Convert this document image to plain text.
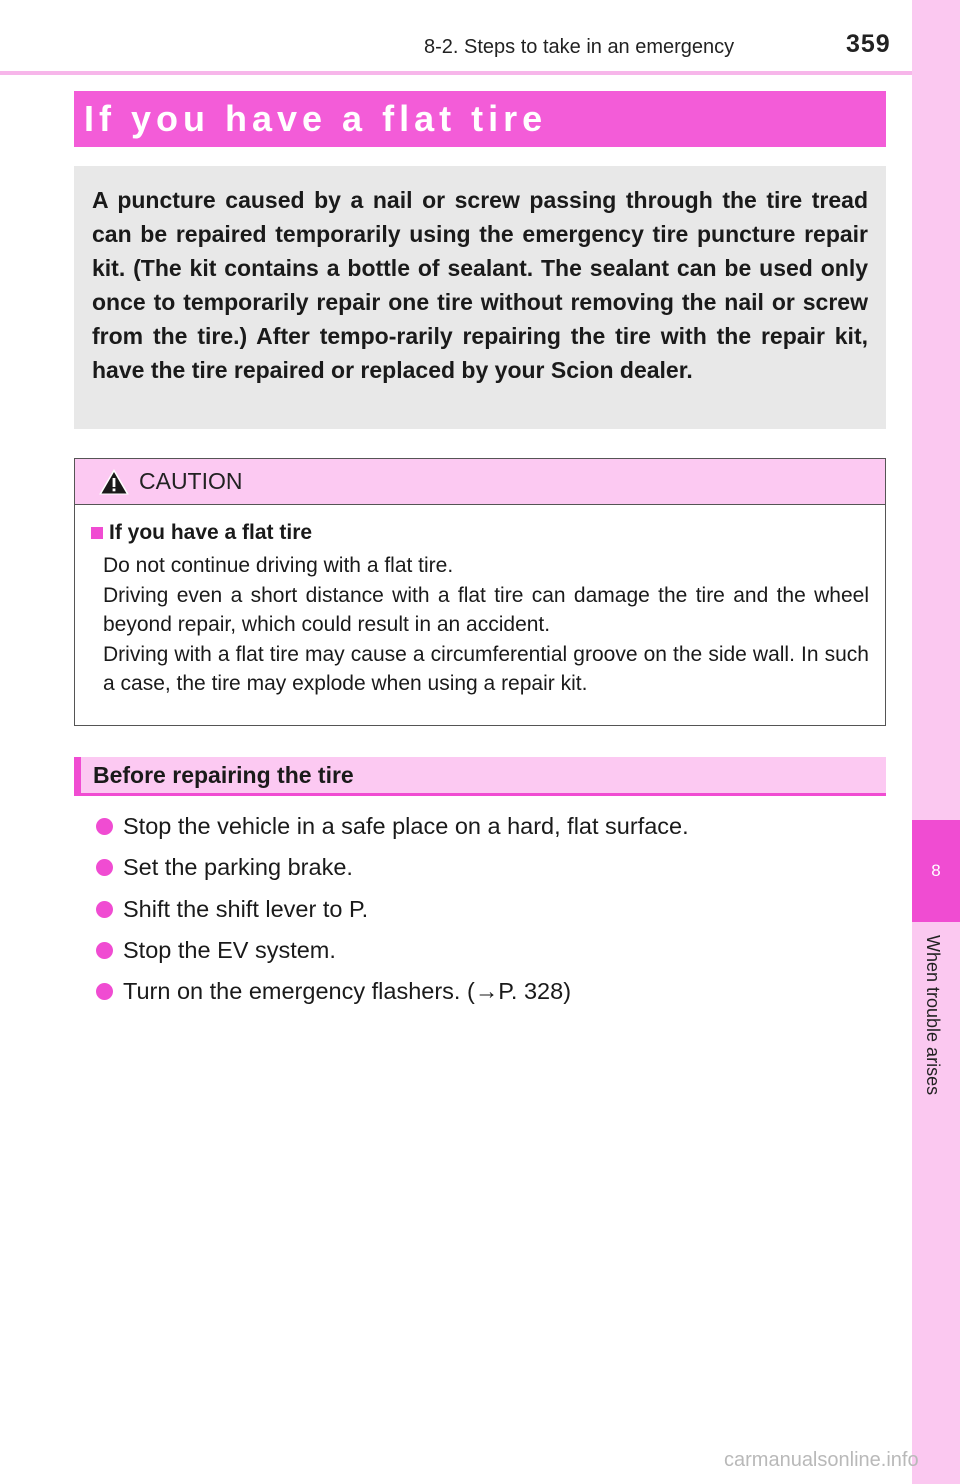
8-2. Steps to take in an emergency	359
8
When trouble arises
If you have a flat tire

A puncture caused by a nail or screw passing through the tire tread can be repaired temporarily using the emergency tire puncture repair kit. (The kit contains a bottle of sealant. The sealant can be used only once to temporarily repair one tire without removing the nail or screw from the tire.) After tempo-rarily repairing the tire with the repair kit, have the tire repaired or replaced by your Scion dealer.

CAUTION
If you have a flat tire

Do not continue driving with a flat tire.

Driving even a short distance with a flat tire can damage the tire and the wheel beyond repair, which could result in an accident.

Driving with a flat tire may cause a circumferential groove on the side wall. In such a case, the tire may explode when using a repair kit.

Before repairing the tire
Stop the vehicle in a safe place on a hard, flat surface.
Set the parking brake.
Shift the shift lever to P.
Stop the EV system.
Turn on the emergency flashers. (→P. 328)
carmanualsonline.info
